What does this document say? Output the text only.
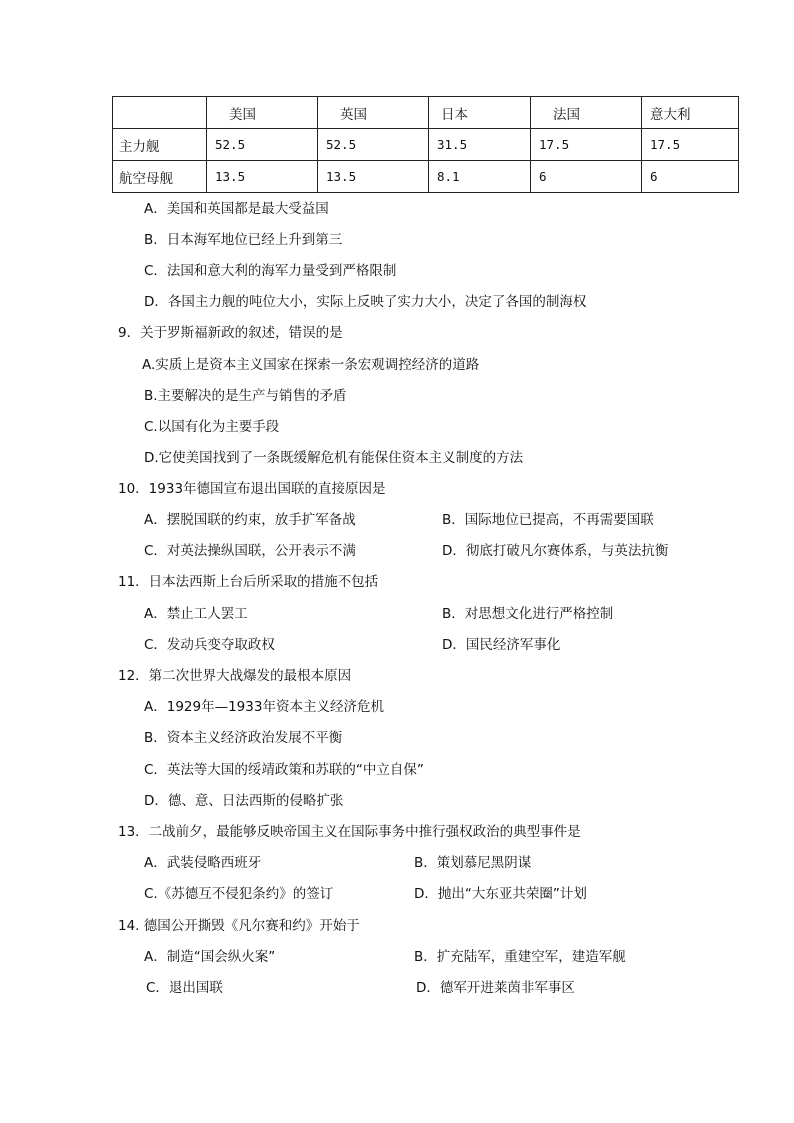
	美国	英国	日本	法国	意大利
主力舰	52.5	52.5	31.5	17.5	17.5
航空母舰	13.5	13.5	8.1	6	6
A．美国和英国都是最大受益国
B．日本海军地位已经上升到第三
C．法国和意大利的海军力量受到严格限制
D．各国主力舰的吨位大小，实际上反映了实力大小，决定了各国的制海权
9．关于罗斯福新政的叙述，错误的是
A.实质上是资本主义国家在探索一条宏观调控经济的道路
B.主要解决的是生产与销售的矛盾
C.以国有化为主要手段
D.它使美国找到了一条既缓解危机有能保住资本主义制度的方法
10．1933年德国宣布退出国联的直接原因是
A．摆脱国联的约束，放手扩军备战	B．国际地位已提高，不再需要国联
C．对英法操纵国联，公开表示不满	D．彻底打破凡尔赛体系，与英法抗衡
11．日本法西斯上台后所采取的措施不包括
A．禁止工人罢工	B．对思想文化进行严格控制
C．发动兵变夺取政权	D．国民经济军事化
12．第二次世界大战爆发的最根本原因
A．1929年—1933年资本主义经济危机
B．资本主义经济政治发展不平衡
C．英法等大国的绥靖政策和苏联的“中立自保”
D．德、意、日法西斯的侵略扩张
13．二战前夕，最能够反映帝国主义在国际事务中推行强权政治的典型事件是
A．武装侵略西班牙	B．策划慕尼黑阴谋
C.《苏德互不侵犯条约》的签订	D．抛出“大东亚共荣圈”计划
14. 德国公开撕毁《凡尔赛和约》开始于
A．制造“国会纵火案”	B．扩充陆军，重建空军，建造军舰
C．退出国联	D．德军开进莱茵非军事区
